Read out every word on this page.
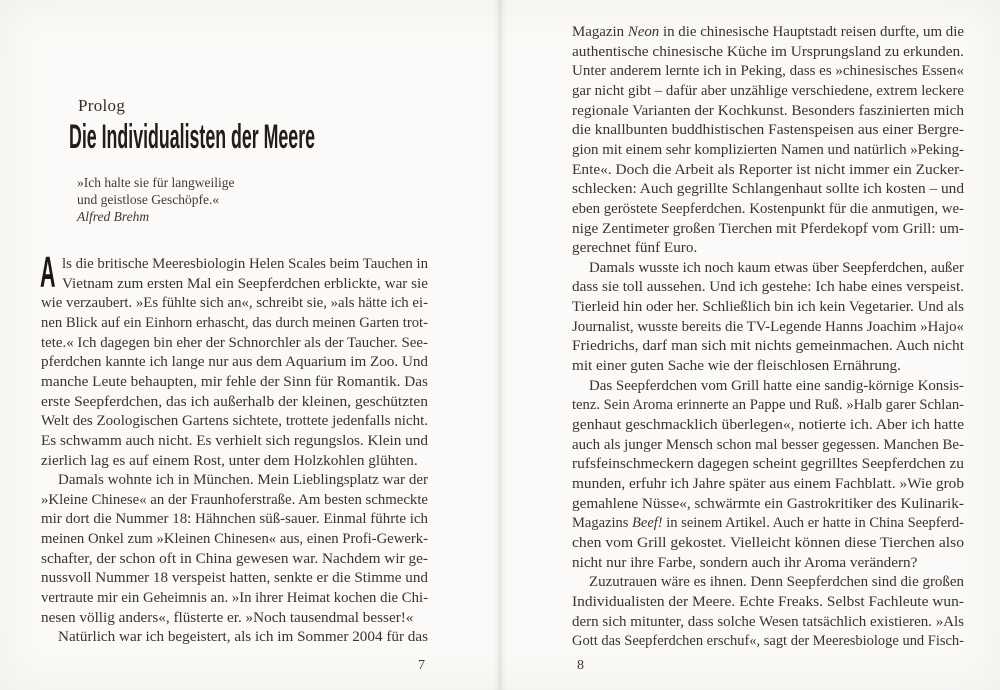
Prolog
Die Individualisten der Meere
»Ich halte sie für langweilige
und geistlose Geschöpfe.«
Alfred Brehm
A ls die britische Meeresbiologin Helen Scales beim Tauchen in
Vietnam zum ersten Mal ein Seepferdchen erblickte, war sie
wie verzaubert. »Es fühlte sich an«, schreibt sie, »als hätte ich ei-
nen Blick auf ein Einhorn erhascht, das durch meinen Garten trot-
tete.« Ich dagegen bin eher der Schnorchler als der Taucher. See-
pferdchen kannte ich lange nur aus dem Aquarium im Zoo. Und
manche Leute behaupten, mir fehle der Sinn für Romantik. Das
erste Seepferdchen, das ich außerhalb der kleinen, geschützten
Welt des Zoologischen Gartens sichtete, trottete jedenfalls nicht.
Es schwamm auch nicht. Es verhielt sich regungslos. Klein und
zierlich lag es auf einem Rost, unter dem Holzkohlen glühten.
Damals wohnte ich in München. Mein Lieblingsplatz war der
»Kleine Chinese« an der Fraunhoferstraße. Am besten schmeckte
mir dort die Nummer 18: Hähnchen süß-sauer. Einmal führte ich
meinen Onkel zum »Kleinen Chinesen« aus, einen Profi-Gewerk-
schafter, der schon oft in China gewesen war. Nachdem wir ge-
nussvoll Nummer 18 verspeist hatten, senkte er die Stimme und
vertraute mir ein Geheimnis an. »In ihrer Heimat kochen die Chi-
nesen völlig anders«, flüsterte er. »Noch tausendmal besser!«
Natürlich war ich begeistert, als ich im Sommer 2004 für das
7
Magazin Neon in die chinesische Hauptstadt reisen durfte, um die
authentische chinesische Küche im Ursprungsland zu erkunden.
Unter anderem lernte ich in Peking, dass es »chinesisches Essen«
gar nicht gibt – dafür aber unzählige verschiedene, extrem leckere
regionale Varianten der Kochkunst. Besonders faszinierten mich
die knallbunten buddhistischen Fastenspeisen aus einer Bergre-
gion mit einem sehr komplizierten Namen und natürlich »Peking-
Ente«. Doch die Arbeit als Reporter ist nicht immer ein Zucker-
schlecken: Auch gegrillte Schlangenhaut sollte ich kosten – und
eben geröstete Seepferdchen. Kostenpunkt für die anmutigen, we-
nige Zentimeter großen Tierchen mit Pferdekopf vom Grill: um-
gerechnet fünf Euro.
Damals wusste ich noch kaum etwas über Seepferdchen, außer
dass sie toll aussehen. Und ich gestehe: Ich habe eines verspeist.
Tierleid hin oder her. Schließlich bin ich kein Vegetarier. Und als
Journalist, wusste bereits die TV-Legende Hanns Joachim »Hajo«
Friedrichs, darf man sich mit nichts gemeinmachen. Auch nicht
mit einer guten Sache wie der fleischlosen Ernährung.
Das Seepferdchen vom Grill hatte eine sandig-körnige Konsis-
tenz. Sein Aroma erinnerte an Pappe und Ruß. »Halb garer Schlan-
genhaut geschmacklich überlegen«, notierte ich. Aber ich hatte
auch als junger Mensch schon mal besser gegessen. Manchen Be-
rufsfeinschmeckern dagegen scheint gegrilltes Seepferdchen zu
munden, erfuhr ich Jahre später aus einem Fachblatt. »Wie grob
gemahlene Nüsse«, schwärmte ein Gastrokritiker des Kulinarik-
Magazins Beef! in seinem Artikel. Auch er hatte in China Seepferd-
chen vom Grill gekostet. Vielleicht können diese Tierchen also
nicht nur ihre Farbe, sondern auch ihr Aroma verändern?
Zuzutrauen wäre es ihnen. Denn Seepferdchen sind die großen
Individualisten der Meere. Echte Freaks. Selbst Fachleute wun-
dern sich mitunter, dass solche Wesen tatsächlich existieren. »Als
Gott das Seepferdchen erschuf«, sagt der Meeresbiologe und Fisch-
8
